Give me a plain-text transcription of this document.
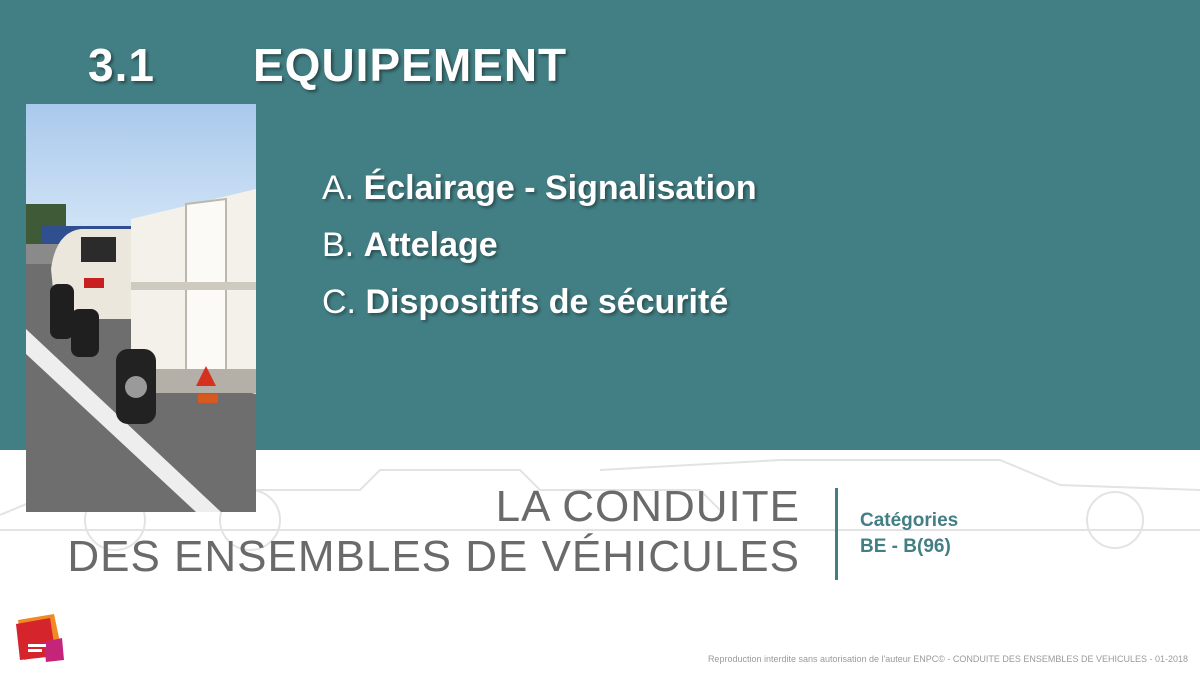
3.1 EQUIPEMENT
A. Éclairage - Signalisation
B. Attelage
C. Dispositifs de sécurité
LA CONDUITE
DES ENSEMBLES DE VÉHICULES
Catégories
BE - B(96)
Reproduction interdite sans autorisation de l'auteur ENPC© - CONDUITE DES ENSEMBLES DE VEHICULES - 01-2018
